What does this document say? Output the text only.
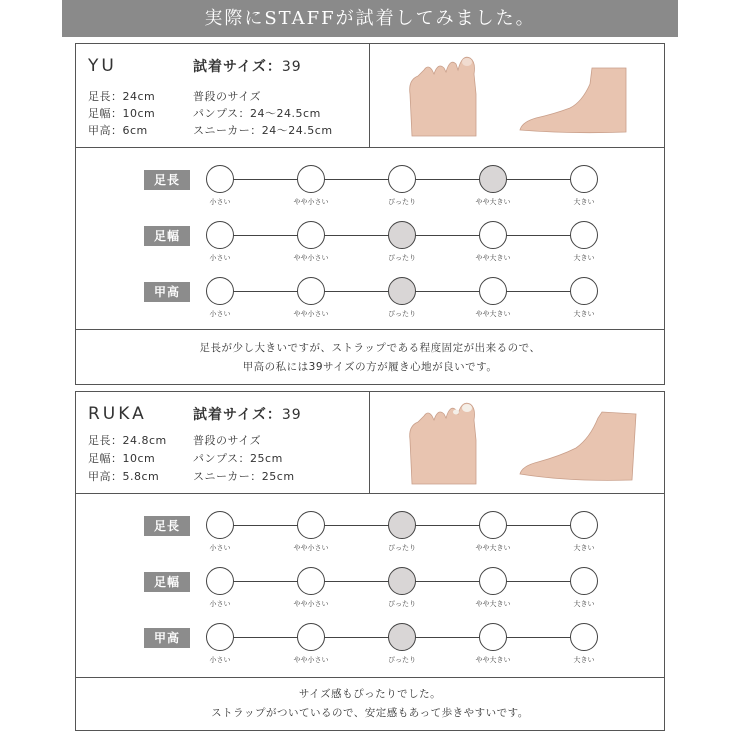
実際にSTAFFが試着してみました。
YU	試着サイズ：39
足長：24cm
足幅：10cm
甲高：6cm
普段のサイズ
パンプス：24〜24.5cm
スニーカー：24〜24.5cm
足長
小さい	やや小さい	ぴったり	やや大きい	大きい
足幅
小さい	やや小さい	ぴったり	やや大きい	大きい
甲高
小さい	やや小さい	ぴったり	やや大きい	大きい
足長が少し大きいですが、ストラップである程度固定が出来るので、
甲高の私には39サイズの方が履き心地が良いです。
RUKA	試着サイズ：39
足長：24.8cm
足幅：10cm
甲高：5.8cm
普段のサイズ
パンプス：25cm
スニーカー：25cm
足長
小さい	やや小さい	ぴったり	やや大きい	大きい
足幅
小さい	やや小さい	ぴったり	やや大きい	大きい
甲高
小さい	やや小さい	ぴったり	やや大きい	大きい
サイズ感もぴったりでした。
ストラップがついているので、安定感もあって歩きやすいです。
